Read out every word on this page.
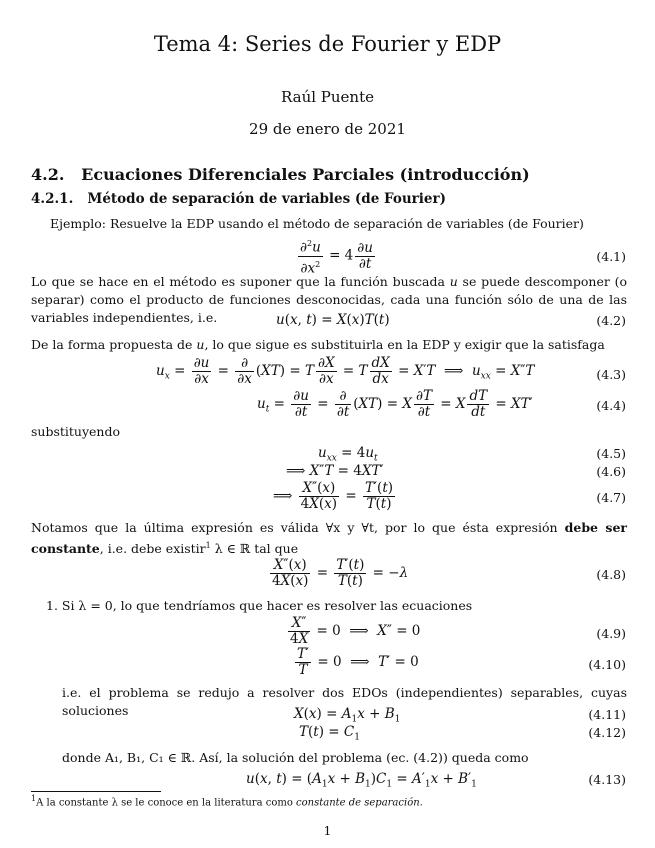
Tema 4: Series de Fourier y EDP
Raúl Puente
29 de enero de 2021
4.2. Ecuaciones Diferenciales Parciales (introducción)
4.2.1. Método de separación de variables (de Fourier)
Ejemplo: Resuelve la EDP usando el método de separación de variables (de Fourier)
$\frac{\partial^2u}{\partial x^2} = 4 \frac{\partial u}{\partial t}$	(4.1)
Lo que se hace en el método es suponer que la función buscada u se puede descomponer (o separar) como el producto de funciones desconocidas, cada una función sólo de una de las variables independientes, i.e.	u(x, t) = X(x)T(t)	(4.2)
De la forma propuesta de u, lo que sigue es substituirla en la EDP y exigir que la satisfaga
$u_x = \frac{\partial u}{\partial x} = \frac{\partial}{\partial x} (XT) = T \frac{\partial X}{\partial x} = T \frac{dX}{dx} = X'T$  ⟹  $u_{xx} = X''T$	(4.3)
$u_t = \frac{\partial u}{\partial t} = \frac{\partial}{\partial t} (XT) = X \frac{\partial T}{\partial t} = X \frac{dT}{dt} = XT'$	(4.4)
substituyendo
$u_{xx} = 4u_t$	(4.5)
⟹ X″T = 4XT′	(4.6)
⟹ $\frac{X''(x)}{4X(x)} = \frac{T'(t)}{T(t)}$	(4.7)
Notamos que la última expresión es válida ∀x y ∀t, por lo que ésta expresión debe ser constante, i.e. debe existir$^1$ λ ∈ ℝ tal que
$\frac{X''(x)}{4X(x)} = \frac{T'(t)}{T(t)} = -\lambda$	(4.8)
1. Si λ = 0, lo que tendríamos que hacer es resolver las ecuaciones
$\frac{X''}{4X} = 0$  ⟹  X″ = 0	(4.9)
$\frac{T'}{T} = 0$  ⟹  T′ = 0	(4.10)
i.e. el problema se redujo a resolver dos EDOs (independientes) separables, cuyas soluciones	$X(x) = A_1x + B_1$	(4.11)
$T(t) = C_1$	(4.12)
donde A₁, B₁, C₁ ∈ ℝ. Así, la solución del problema (ec. (4.2)) queda como
u(x, $t) = (A_1x + B_1)C_1 = A'_1x + B'_1$	(4.13)
$^1$A la constante λ se le conoce en la literatura como constante de separación.
1
